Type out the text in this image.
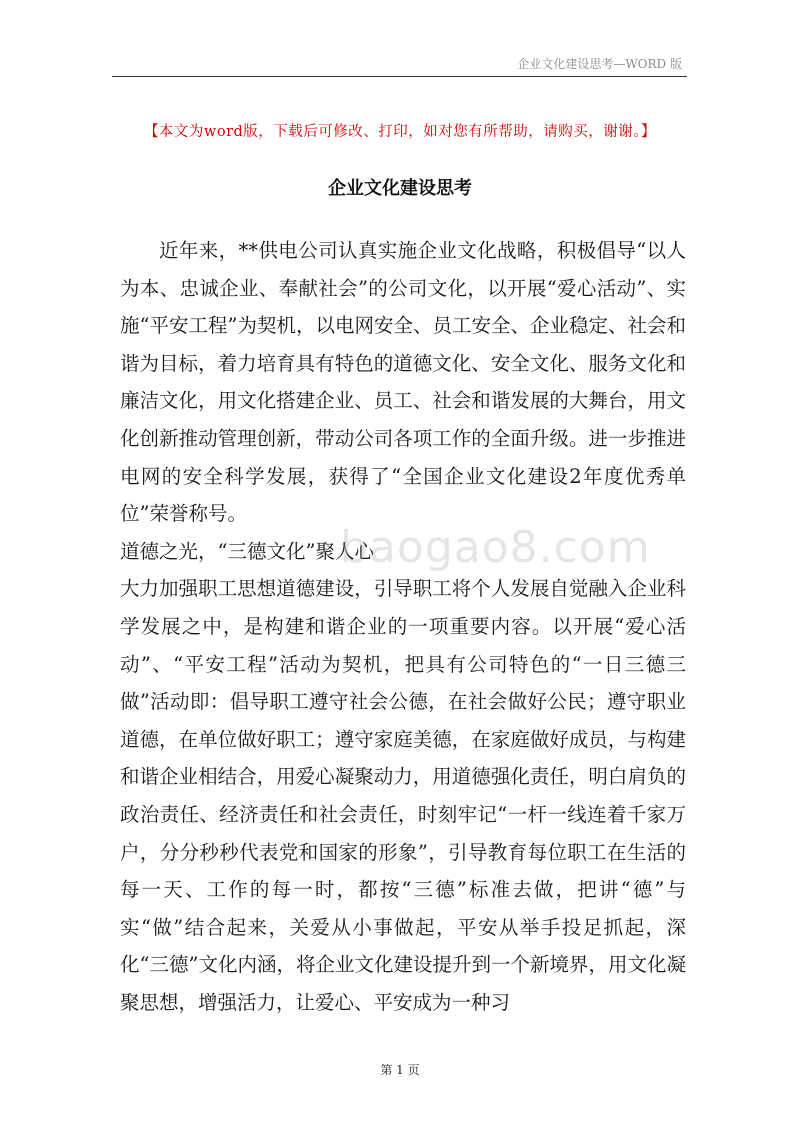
企业文化建设思考—WORD 版
【本文为word版，下载后可修改、打印，如对您有所帮助，请购买，谢谢。】
企业文化建设思考

近年来，**供电公司认真实施企业文化战略，积极倡导“以人为本、忠诚企业、奉献社会”的公司文化，以开展“爱心活动”、实施“平安工程”为契机，以电网安全、员工安全、企业稳定、社会和谐为目标，着力培育具有特色的道德文化、安全文化、服务文化和廉洁文化，用文化搭建企业、员工、社会和谐发展的大舞台，用文化创新推动管理创新，带动公司各项工作的全面升级。进一步推进电网的安全科学发展，获得了“全国企业文化建设2年度优秀单位”荣誉称号。

道德之光，“三德文化”聚人心

大力加强职工思想道德建设，引导职工将个人发展自觉融入企业科学发展之中，是构建和谐企业的一项重要内容。以开展“爱心活动”、“平安工程”活动为契机，把具有公司特色的“一日三德三做”活动即：倡导职工遵守社会公德，在社会做好公民；遵守职业道德，在单位做好职工；遵守家庭美德，在家庭做好成员，与构建和谐企业相结合，用爱心凝聚动力，用道德强化责任，明白肩负的政治责任、经济责任和社会责任，时刻牢记“一杆一线连着千家万户，分分秒秒代表党和国家的形象”，引导教育每位职工在生活的每一天、工作的每一时，都按“三德”标准去做，把讲“德”与实“做”结合起来，关爱从小事做起，平安从举手投足抓起，深化“三德”文化内涵，将企业文化建设提升到一个新境界，用文化凝聚思想，增强活力，让爱心、平安成为一种习

baogao8.com
第 1 页
